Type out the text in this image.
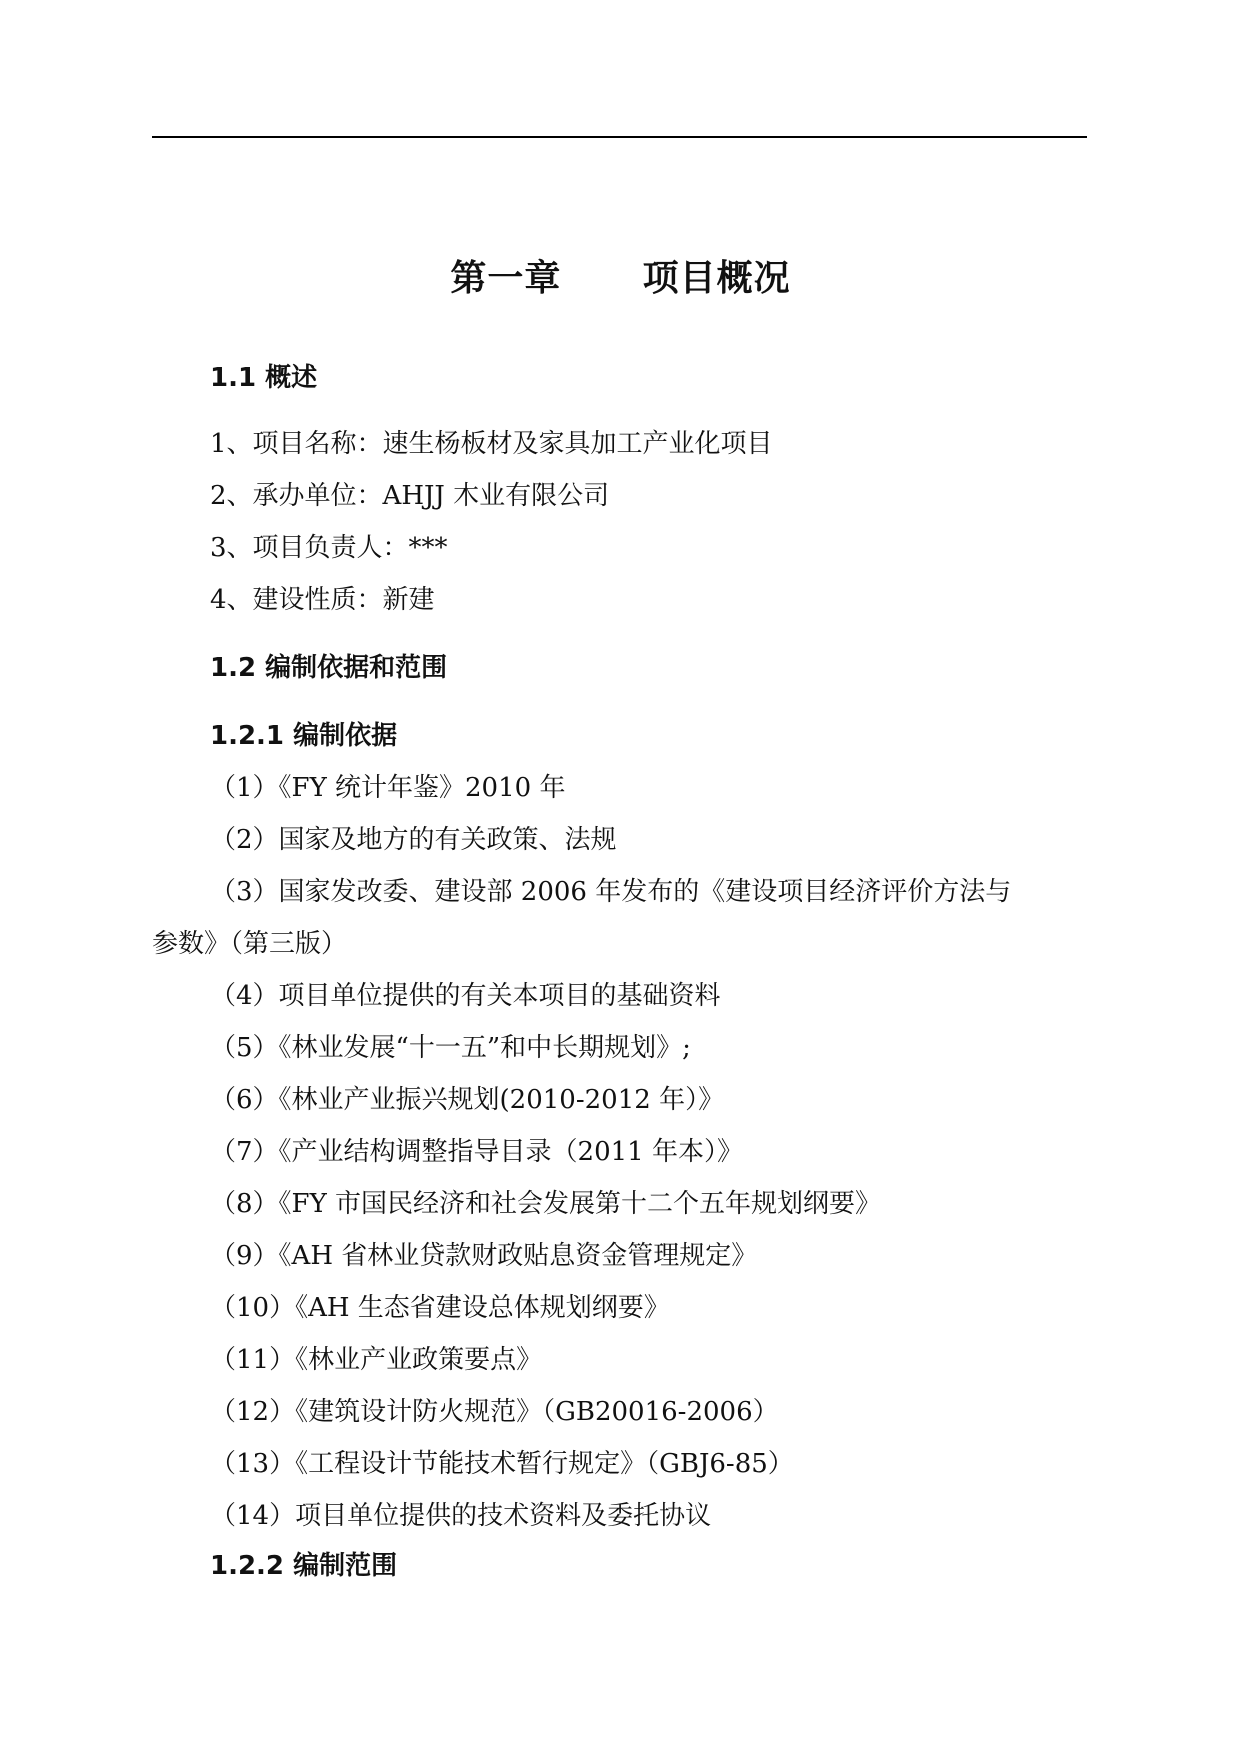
第一章      项目概况
1.1 概述
1、项目名称：速生杨板材及家具加工产业化项目
2、承办单位：AHJJ 木业有限公司
3、项目负责人：***
4、建设性质：新建
1.2 编制依据和范围
1.2.1 编制依据
（1）《FY 统计年鉴》2010 年
（2）国家及地方的有关政策、法规
（3）国家发改委、建设部 2006 年发布的《建设项目经济评价方法与
参数》（第三版）
（4）项目单位提供的有关本项目的基础资料
（5）《林业发展“十一五”和中长期规划》;
（6）《林业产业振兴规划(2010-2012 年）》
（7）《产业结构调整指导目录（2011 年本）》
（8）《FY 市国民经济和社会发展第十二个五年规划纲要》
（9）《AH 省林业贷款财政贴息资金管理规定》
（10）《AH 生态省建设总体规划纲要》
（11）《林业产业政策要点》
（12）《建筑设计防火规范》（GB20016-2006）
（13）《工程设计节能技术暂行规定》（GBJ6-85）
（14）项目单位提供的技术资料及委托协议
1.2.2 编制范围
